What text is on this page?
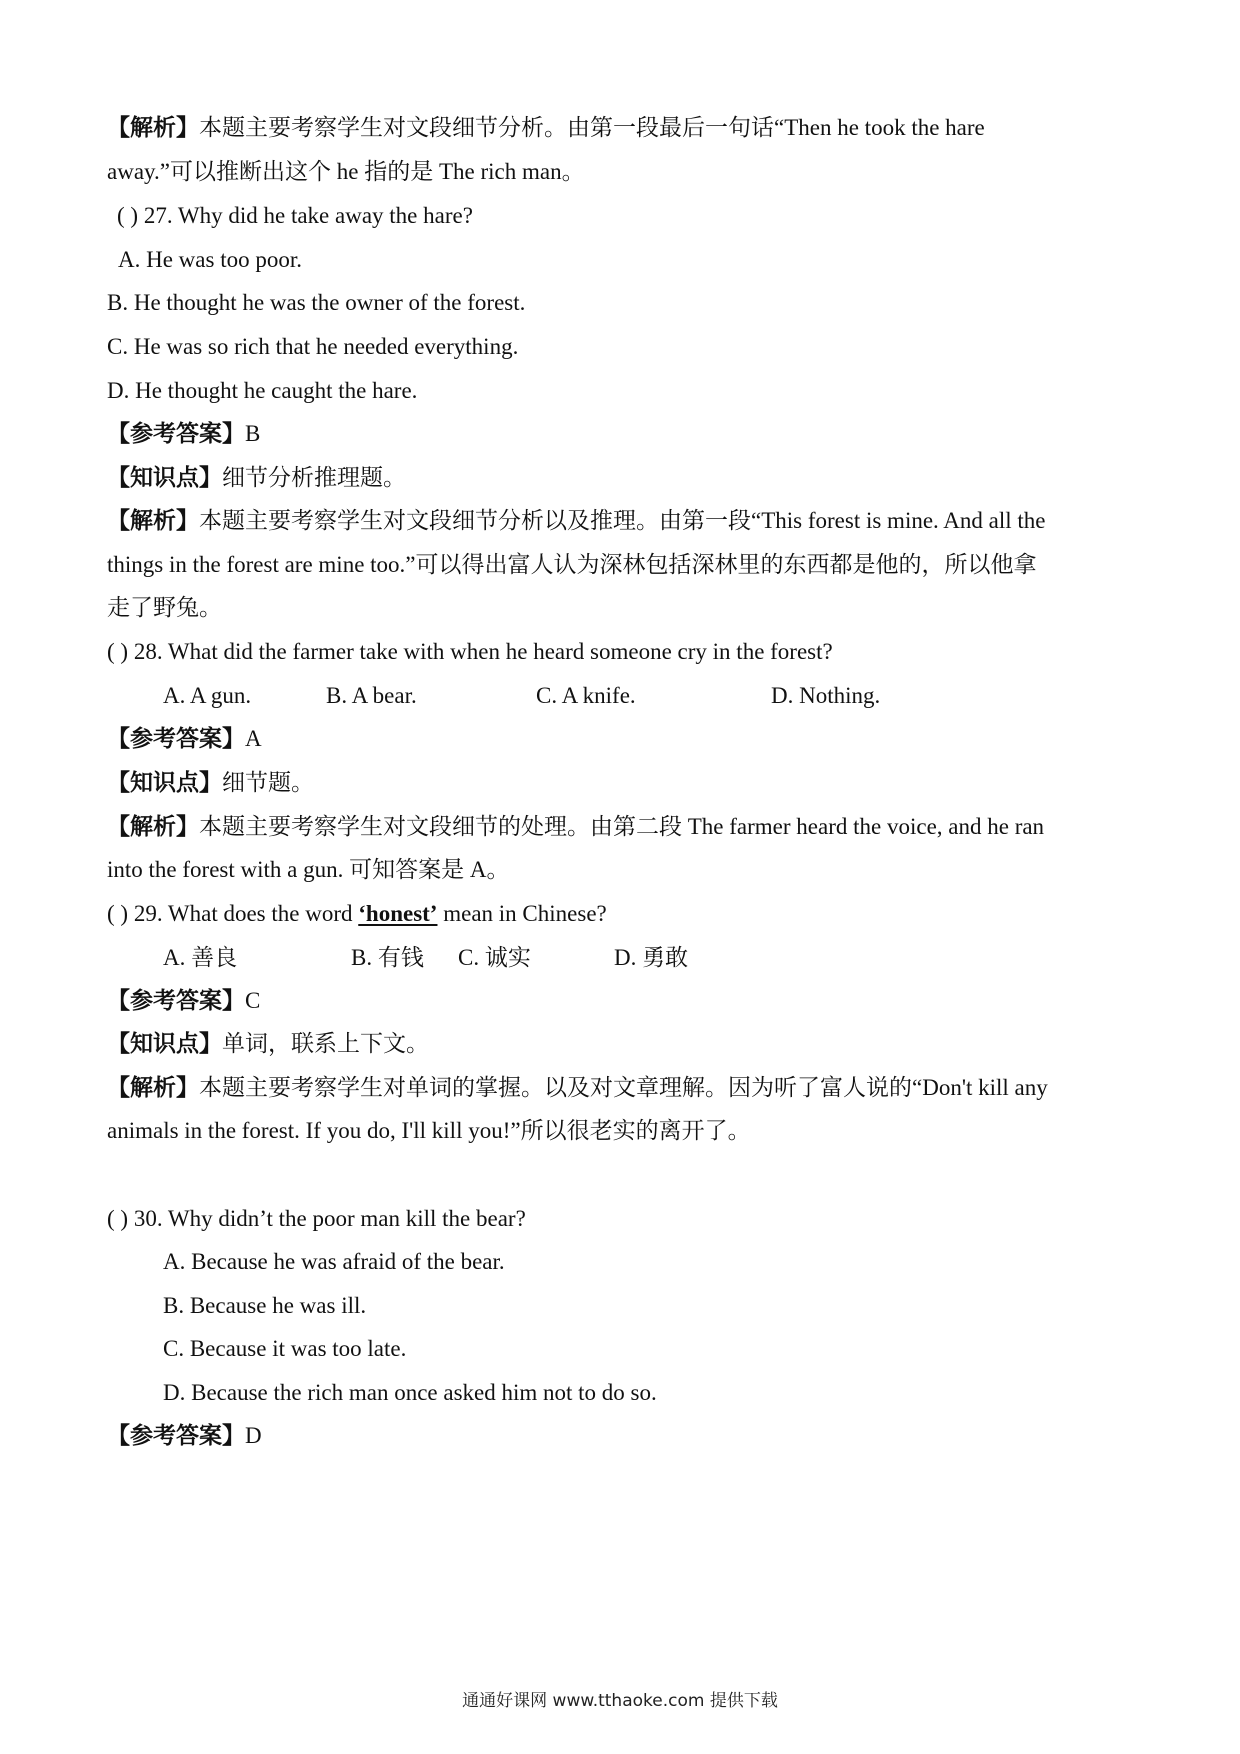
【解析】本题主要考察学生对文段细节分析。由第一段最后一句话“Then he took the hare
away.”可以推断出这个 he 指的是 The rich man。
( ) 27. Why did he take away the hare?
A. He was too poor.
B. He thought he was the owner of the forest.
C. He was so rich that he needed everything.
D. He thought he caught the hare.
【参考答案】B
【知识点】细节分析推理题。
【解析】本题主要考察学生对文段细节分析以及推理。由第一段“This forest is mine. And all the
things in the forest are mine too.”可以得出富人认为深林包括深林里的东西都是他的，所以他拿
走了野兔。
( ) 28. What did the farmer take with when he heard someone cry in the forest?
A. A gun.	B. A bear.	C. A knife.	D. Nothing.
【参考答案】A
【知识点】细节题。
【解析】本题主要考察学生对文段细节的处理。由第二段 The farmer heard the voice, and he ran
into the forest with a gun. 可知答案是 A。
( ) 29. What does the word ‘honest’ mean in Chinese?
A. 善良	B. 有钱 C. 诚实	D. 勇敢
【参考答案】C
【知识点】单词，联系上下文。
【解析】本题主要考察学生对单词的掌握。以及对文章理解。因为听了富人说的“Don't kill any
animals in the forest. If you do, I'll kill you!”所以很老实的离开了。
( ) 30. Why didn’t the poor man kill the bear?
A. Because he was afraid of the bear.
B. Because he was ill.
C. Because it was too late.
D. Because the rich man once asked him not to do so.
【参考答案】D
通通好课网 www.tthaoke.com 提供下载
